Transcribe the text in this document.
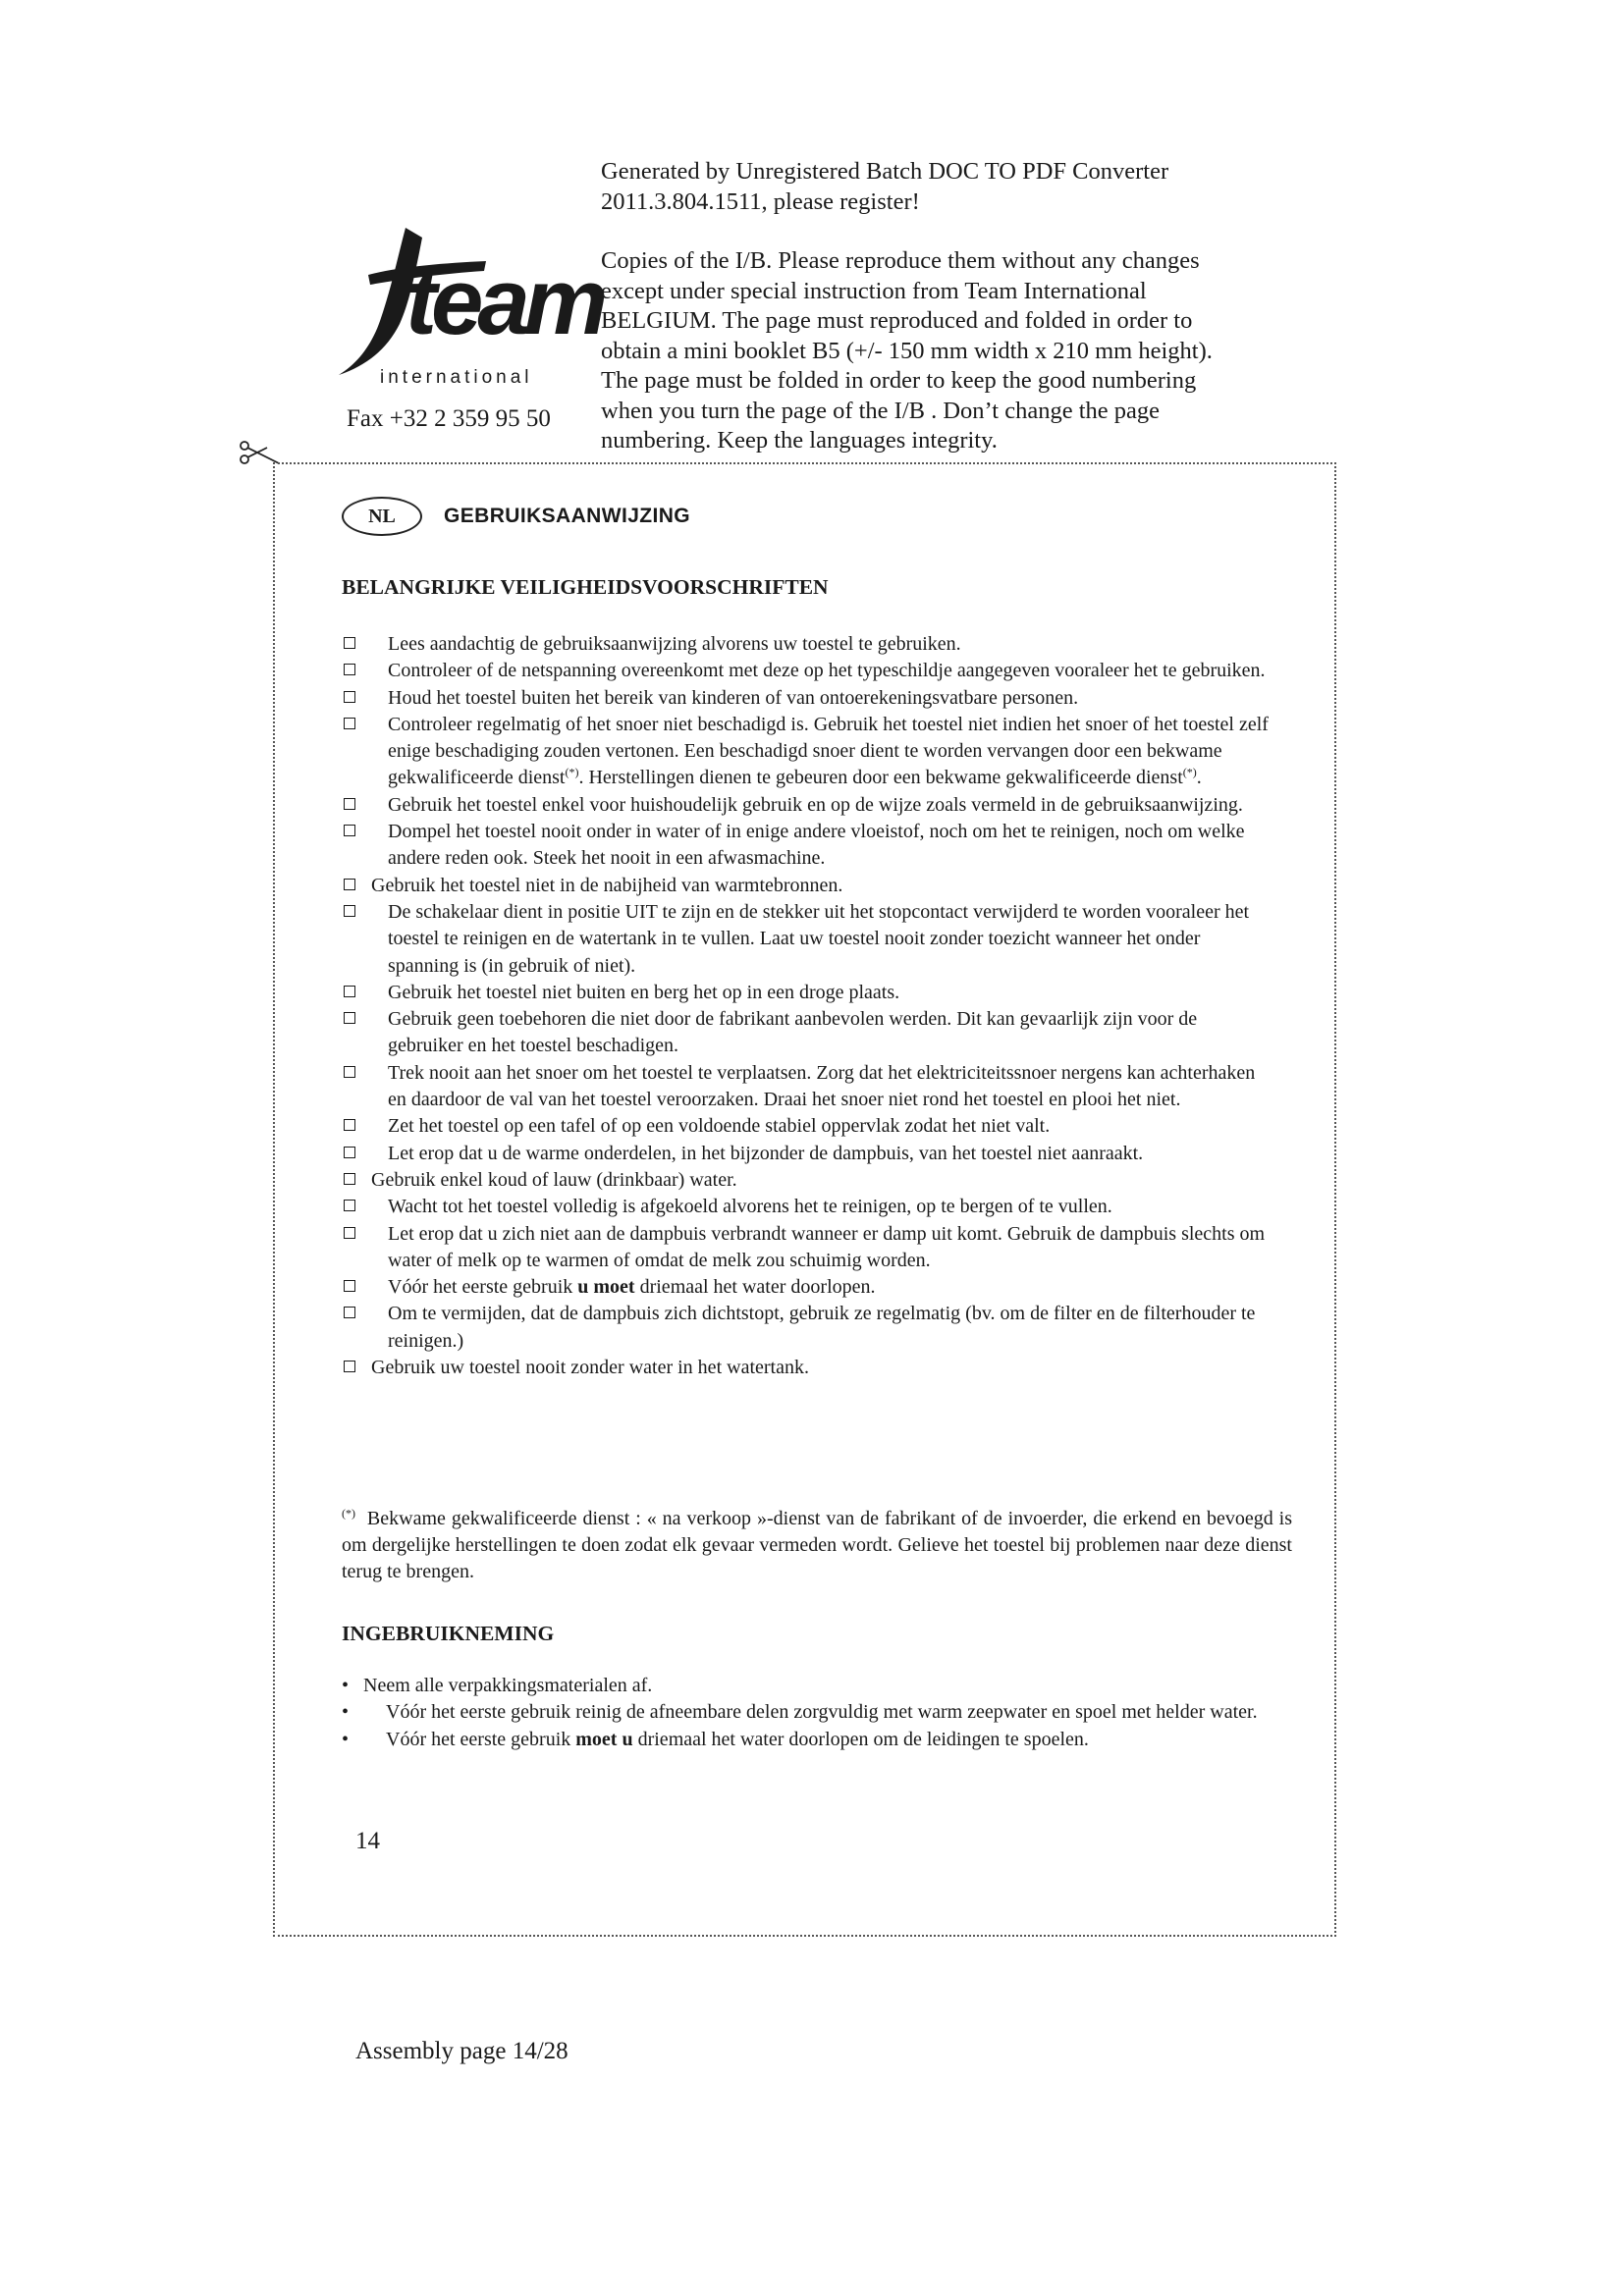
team
international
Fax +32 2 359 95 50
Generated by Unregistered Batch DOC TO PDF Converter
2011.3.804.1511, please register!

Copies of the I/B. Please reproduce them without any changes

except under special instruction from Team International

BELGIUM. The page must reproduced and folded in order to

obtain a mini booklet B5 (+/- 150 mm width x 210 mm height).

The page must be folded in order to keep the good numbering

when you turn the page of the I/B . Don’t change the page

numbering. Keep the languages integrity.

NL	GEBRUIKSAANWIJZING
BELANGRIJKE VEILIGHEIDSVOORSCHRIFTEN
Lees aandachtig de gebruiksaanwijzing alvorens uw toestel te gebruiken.
Controleer of de netspanning overeenkomt met deze op het typeschildje aangegeven vooraleer het te gebruiken.
Houd het toestel buiten het bereik van kinderen of van ontoerekeningsvatbare personen.
Controleer regelmatig of het snoer niet beschadigd is. Gebruik het toestel niet indien het snoer of het toestel zelf enige beschadiging zouden vertonen. Een beschadigd snoer dient te worden vervangen door een bekwame gekwalificeerde dienst(*). Herstellingen dienen te gebeuren door een bekwame gekwalificeerde dienst(*).
Gebruik het toestel enkel voor huishoudelijk gebruik en op de wijze zoals vermeld in de gebruiksaanwijzing.
Dompel het toestel nooit onder in water of in enige andere vloeistof, noch om het te reinigen, noch om welke andere reden ook. Steek het nooit in een afwasmachine.
Gebruik het toestel niet in de nabijheid van warmtebronnen.
De schakelaar dient in positie UIT te zijn en de stekker uit het stopcontact verwijderd te worden vooraleer het toestel te reinigen en de watertank in te vullen. Laat uw toestel nooit zonder toezicht wanneer het onder spanning is (in gebruik of niet).
Gebruik het toestel niet buiten en berg het op in een droge plaats.
Gebruik geen toebehoren die niet door de fabrikant aanbevolen werden. Dit kan gevaarlijk zijn voor de gebruiker en het toestel beschadigen.
Trek nooit aan het snoer om het toestel te verplaatsen. Zorg dat het elektriciteitssnoer nergens kan achterhaken en daardoor de val van het toestel veroorzaken. Draai het snoer niet rond het toestel en plooi het niet.
Zet het toestel op een tafel of op een voldoende stabiel oppervlak zodat het niet valt.
Let erop dat u de warme onderdelen, in het bijzonder de dampbuis, van het toestel niet aanraakt.
Gebruik enkel koud of lauw (drinkbaar) water.
Wacht tot het toestel volledig is afgekoeld alvorens het te reinigen, op te bergen of te vullen.
Let erop dat u zich niet aan de dampbuis verbrandt wanneer er damp uit komt. Gebruik de dampbuis slechts om water of melk op te warmen of omdat de melk zou schuimig worden.
Vóór het eerste gebruik u moet driemaal het water doorlopen.
Om te vermijden, dat de dampbuis zich dichtstopt, gebruik ze regelmatig (bv. om de filter en de filterhouder te reinigen.)
Gebruik uw toestel nooit zonder water in het watertank.

(*) Bekwame gekwalificeerde dienst : « na verkoop »-dienst van de fabrikant of de invoerder, die erkend en bevoegd is om dergelijke herstellingen te doen zodat elk gevaar vermeden wordt. Gelieve het toestel bij problemen naar deze dienst terug te brengen.

INGEBRUIKNEMING
• Neem alle verpakkingsmaterialen af.
• Vóór het eerste gebruik reinig de afneembare delen zorgvuldig met warm zeepwater en spoel met helder water.
• Vóór het eerste gebruik moet u driemaal het water doorlopen om de leidingen te spoelen.
14
Assembly page 14/28
